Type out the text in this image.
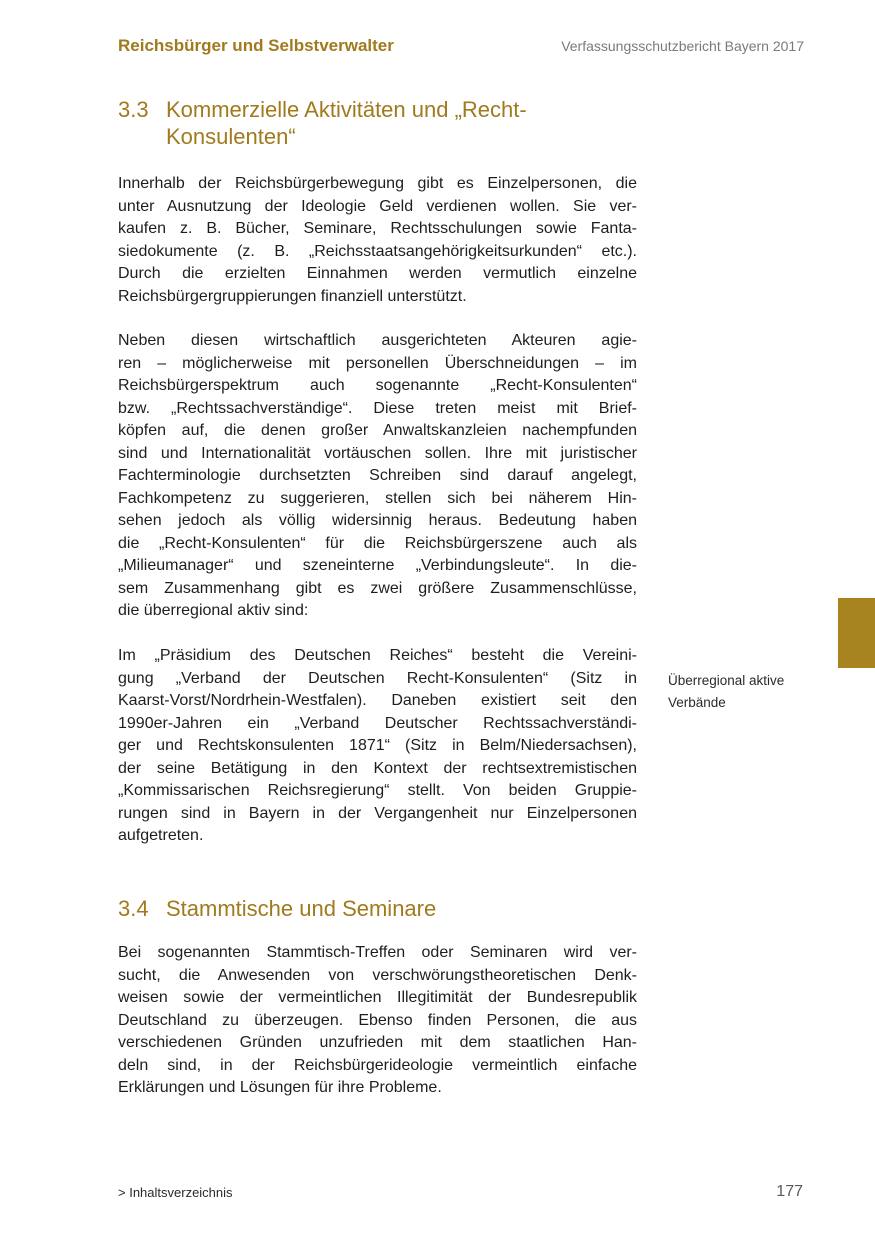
Reichsbürger und Selbstverwalter	Verfassungsschutzbericht Bayern 2017
3.3 Kommerzielle Aktivitäten und „Recht-
Konsulenten“

Innerhalb der Reichsbürgerbewegung gibt es Einzelpersonen, die
unter Ausnutzung der Ideologie Geld verdienen wollen. Sie ver-
kaufen z. B. Bücher, Seminare, Rechtsschulungen sowie Fanta-
siedokumente (z. B. „Reichsstaatsangehörigkeitsurkunden“ etc.).
Durch die erzielten Einnahmen werden vermutlich einzelne
Reichsbürgergruppierungen finanziell unterstützt.

Neben diesen wirtschaftlich ausgerichteten Akteuren agie-
ren – möglicherweise mit personellen Überschneidungen – im
Reichsbürgerspektrum auch sogenannte „Recht-Konsulenten“
bzw. „Rechtssachverständige“. Diese treten meist mit Brief-
köpfen auf, die denen großer Anwaltskanzleien nachempfunden
sind und Internationalität vortäuschen sollen. Ihre mit juristischer
Fachterminologie durchsetzten Schreiben sind darauf angelegt,
Fachkompetenz zu suggerieren, stellen sich bei näherem Hin-
sehen jedoch als völlig widersinnig heraus. Bedeutung haben
die „Recht-Konsulenten“ für die Reichsbürgerszene auch als
„Milieumanager“ und szeneinterne „Verbindungsleute“. In die-
sem Zusammenhang gibt es zwei größere Zusammenschlüsse,
die überregional aktiv sind:

Im „Präsidium des Deutschen Reiches“ besteht die Vereini-
gung „Verband der Deutschen Recht-Konsulenten“ (Sitz in
Kaarst-Vorst/Nordrhein-Westfalen). Daneben existiert seit den
1990er-Jahren ein „Verband Deutscher Rechtssachverständi-
ger und Rechtskonsulenten 1871“ (Sitz in Belm/Niedersachsen),
der seine Betätigung in den Kontext der rechtsextremistischen
„Kommissarischen Reichsregierung“ stellt. Von beiden Gruppie-
rungen sind in Bayern in der Vergangenheit nur Einzelpersonen
aufgetreten.

Überregional aktive
Verbände
3.4 Stammtische und Seminare

Bei sogenannten Stammtisch-Treffen oder Seminaren wird ver-
sucht, die Anwesenden von verschwörungstheoretischen Denk-
weisen sowie der vermeintlichen Illegitimität der Bundesrepublik
Deutschland zu überzeugen. Ebenso finden Personen, die aus
verschiedenen Gründen unzufrieden mit dem staatlichen Han-
deln sind, in der Reichsbürgerideologie vermeintlich einfache
Erklärungen und Lösungen für ihre Probleme.

> Inhaltsverzeichnis	177
